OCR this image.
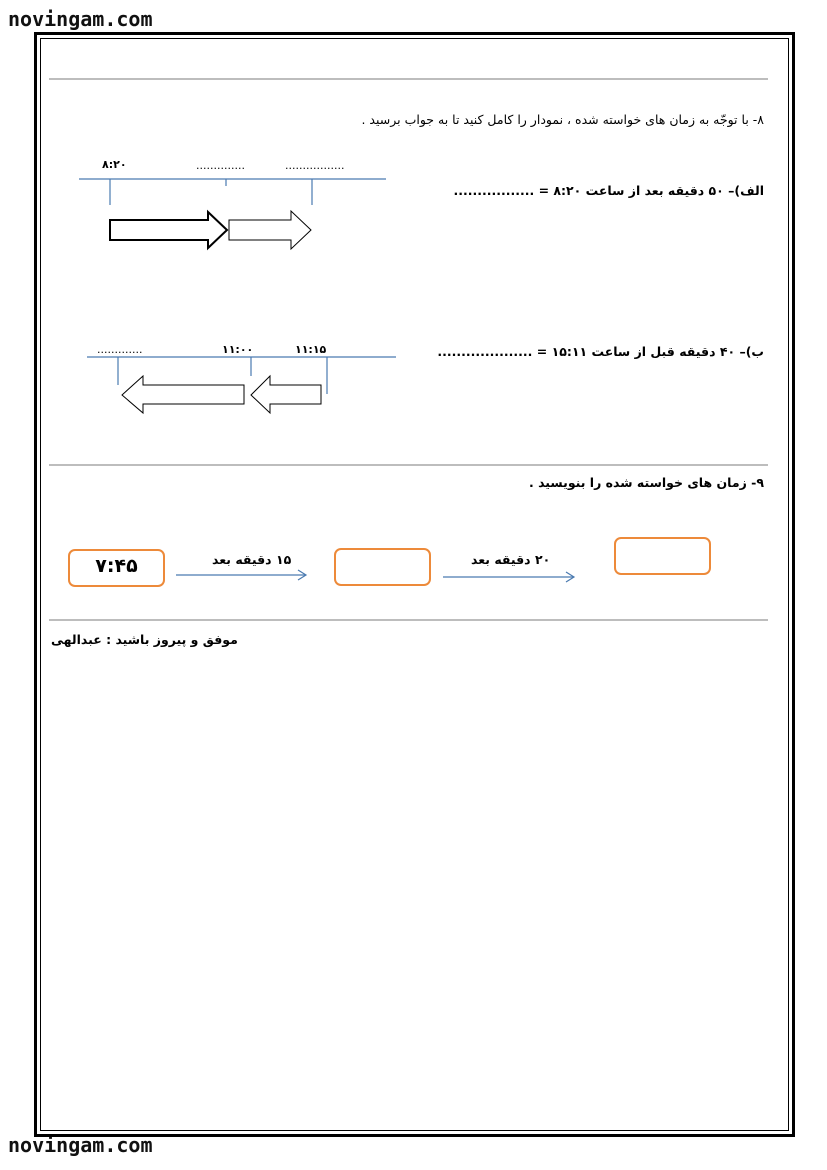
novingam.com
novingam.com
۸- با توجّه به زمان های خواسته شده ، نمودار را کامل کنید تا به جواب برسید .
الف)– ۵۰ دقیقه بعد از ساعت ۸:۲۰ = .................
۸:۲۰	..............	.................
ب)– ۴۰ دقیقه قبل از ساعت ۱۵:۱۱ = ....................
.............	۱۱:۰۰	۱۱:۱۵
۹- زمان های خواسته شده را بنویسید .
۷:۴۵	۱۵ دقیقه بعد	۲۰ دقیقه بعد
موفق و پیروز باشید : عبدالهی
